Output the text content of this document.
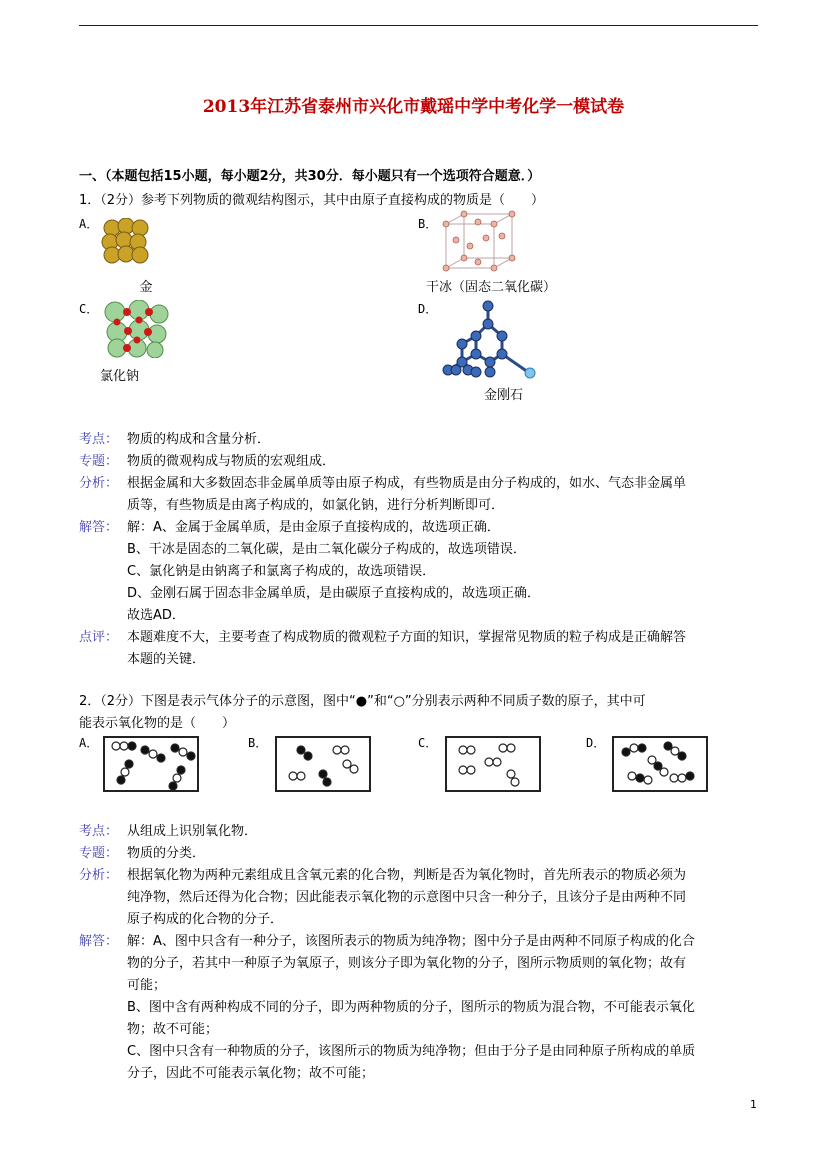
2013年江苏省泰州市兴化市戴瑶中学中考化学一模试卷
一、（本题包括15小题，每小题2分，共30分．每小题只有一个选项符合题意．）
1．（2分）参考下列物质的微观结构图示，其中由原子直接构成的物质是（　　）
A．	B．
C．	D．
金	干冰（固态二氧化碳）
氯化钠
金刚石
考点： 物质的构成和含量分析．
专题： 物质的微观构成与物质的宏观组成．
分析： 根据金属和大多数固态非金属单质等由原子构成，有些物质是由分子构成的，如水、气态非金属单
质等，有些物质是由离子构成的，如氯化钠，进行分析判断即可．
解答： 解：A、金属于金属单质，是由金原子直接构成的，故选项正确．
B、干冰是固态的二氧化碳，是由二氧化碳分子构成的，故选项错误．
C、氯化钠是由钠离子和氯离子构成的，故选项错误．
D、金刚石属于固态非金属单质，是由碳原子直接构成的，故选项正确．
故选AD．
点评： 本题难度不大，主要考查了构成物质的微观粒子方面的知识，掌握常见物质的粒子构成是正确解答
本题的关键．
2．（2分）下图是表示气体分子的示意图，图中“●”和“○”分别表示两种不同质子数的原子，其中可
能表示氧化物的是（　　）
A．	B．	C．	D．
考点： 从组成上识别氧化物．
专题： 物质的分类．
分析： 根据氧化物为两种元素组成且含氧元素的化合物，判断是否为氧化物时，首先所表示的物质必须为
纯净物，然后还得为化合物；因此能表示氧化物的示意图中只含一种分子，且该分子是由两种不同
原子构成的化合物的分子．
解答： 解：A、图中只含有一种分子，该图所表示的物质为纯净物；图中分子是由两种不同原子构成的化合
物的分子，若其中一种原子为氧原子，则该分子即为氧化物的分子，图所示物质则的氧化物；故有
可能；
B、图中含有两种构成不同的分子，即为两种物质的分子，图所示的物质为混合物，不可能表示氧化
物；故不可能；
C、图中只含有一种物质的分子，该图所示的物质为纯净物；但由于分子是由同种原子所构成的单质
分子，因此不可能表示氧化物；故不可能；
1
